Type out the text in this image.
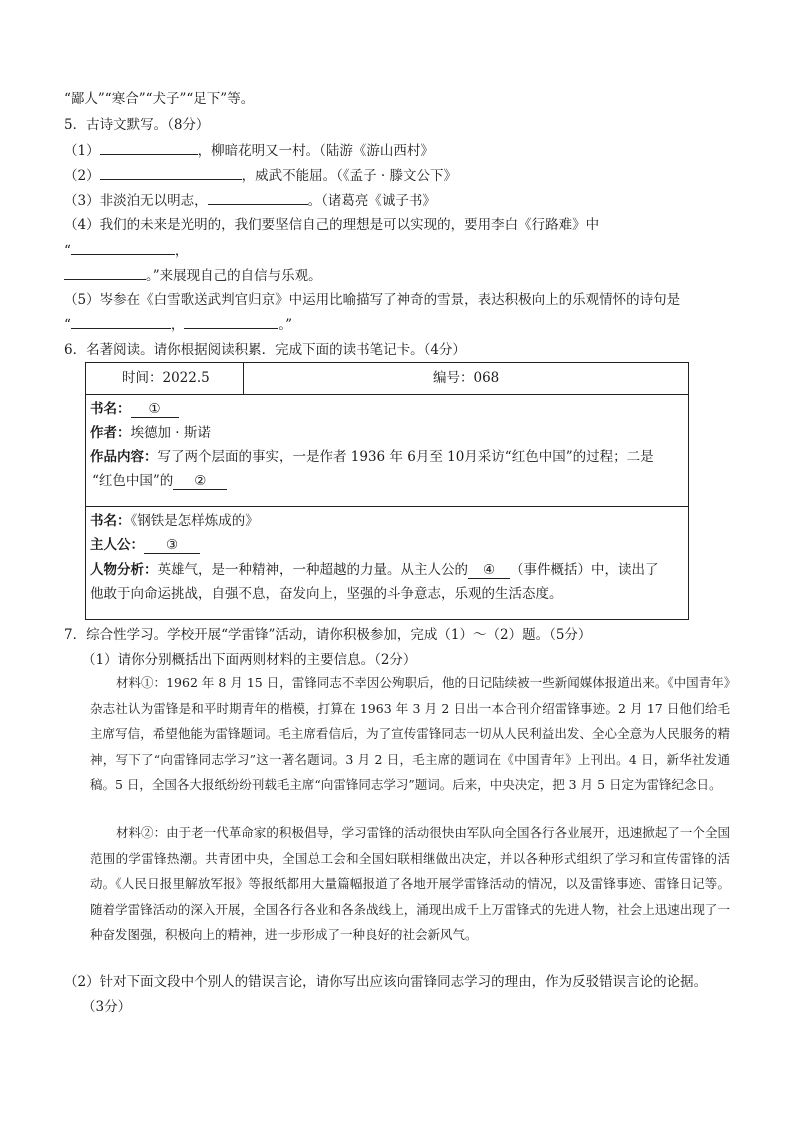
“鄙人”“寒合”“犬子”“足下”等。
5．古诗文默写。（8分）
（1）	，柳暗花明又一村。（陆游《游山西村》
（2）	，威武不能屈。（《孟子 · 滕文公下》
（3）非淡泊无以明志，	。（诸葛亮《诚子书》
（4）我们的未来是光明的，我们要坚信自己的理想是可以实现的，要用李白《行路难》中
“	，
。”来展现自己的自信与乐观。
（5）岑参在《白雪歌送武判官归京》中运用比喻描写了神奇的雪景，表达积极向上的乐观情怀的诗句是
“	，	。”
6．名著阅读。请你根据阅读积累．完成下面的读书笔记卡。（4分）
时间：2022.5	编号：068
书名： ①
作者：埃德加 · 斯诺
作品内容：写了两个层面的事实，一是作者 1936 年 6月至 10月采访“红色中国”的过程；二是
“红色中国”的 ②
书名：《钢铁是怎样炼成的》
主人公： ③
人物分析：英雄气，是一种精神，一种超越的力量。从主人公的 ④ （事件概括）中，读出了
他敢于向命运挑战，自强不息，奋发向上，坚强的斗争意志，乐观的生活态度。
7．综合性学习。学校开展“学雷锋”活动，请你积极参加，完成（1）～（2）题。（5分）
（1）请你分别概括出下面两则材料的主要信息。（2分）
材料①：1962 年 8 月 15 日，雷锋同志不幸因公殉职后，他的日记陆续被一些新闻媒体报道出来。《中国青年》杂志社认为雷锋是和平时期青年的楷模，打算在 1963 年 3 月 2 日出一本合刊介绍雷锋事迹。2 月 17 日他们给毛主席写信，希望他能为雷锋题词。毛主席看信后，为了宣传雷锋同志一切从人民利益出发、全心全意为人民服务的精神，写下了“向雷锋同志学习”这一著名题词。3 月 2 日，毛主席的题词在《中国青年》上刊出。4 日，新华社发通稿。5 日，全国各大报纸纷纷刊载毛主席“向雷锋同志学习”题词。后来，中央决定，把 3 月 5 日定为雷锋纪念日。
材料②：由于老一代革命家的积极倡导，学习雷锋的活动很快由军队向全国各行各业展开，迅速掀起了一个全国范围的学雷锋热潮。共青团中央，全国总工会和全国妇联相继做出决定，并以各种形式组织了学习和宣传雷锋的活动。《人民日报里解放军报》等报纸都用大量篇幅报道了各地开展学雷锋活动的情况，以及雷锋事迹、雷锋日记等。随着学雷锋活动的深入开展，全国各行各业和各条战线上，涌现出成千上万雷锋式的先进人物，社会上迅速出现了一种奋发图强，积极向上的精神，进一步形成了一种良好的社会新风气。
（2）针对下面文段中个别人的错误言论，请你写出应该向雷锋同志学习的理由，作为反驳错误言论的论据。
（3分）
